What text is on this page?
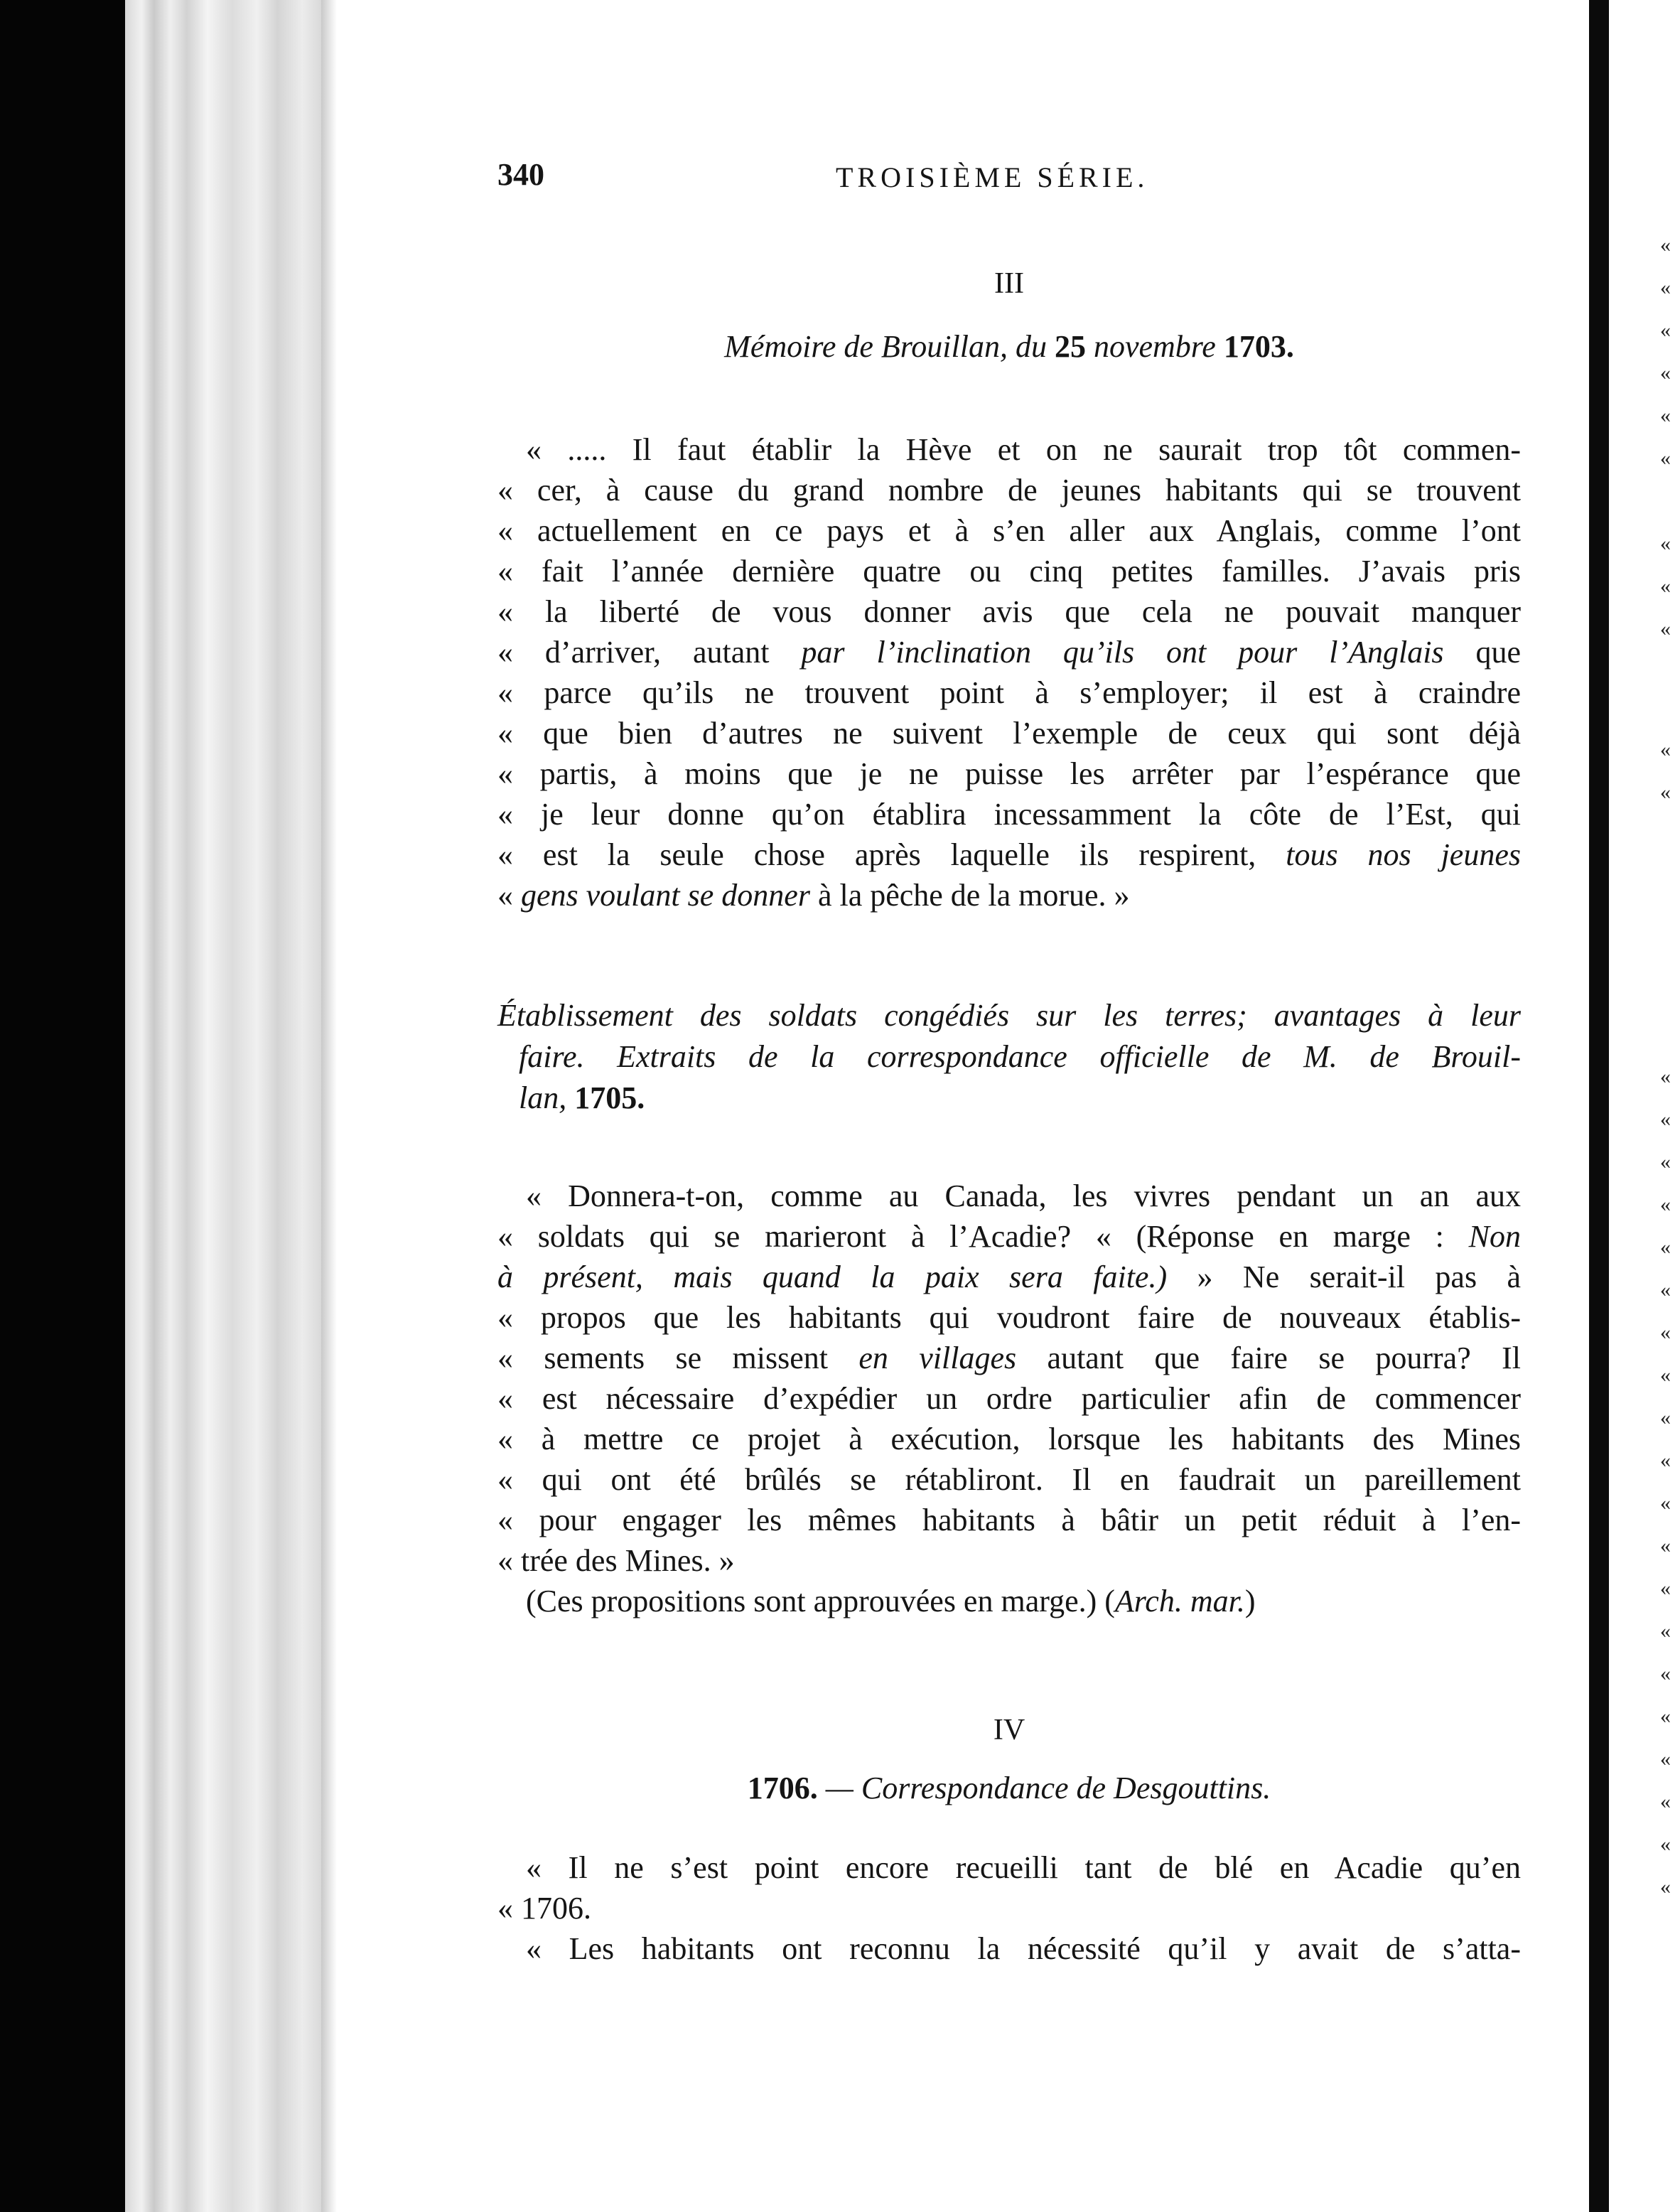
«
«
«
«
«
«
«
«
«
«
«
«
«
«
«
«
«
«
«
«
«
«
«
«
«
«
«
«
«
«
«
340	TROISIÈME SÉRIE.
III
Mémoire de Brouillan, du 25 novembre 1703.
« ..... Il faut établir la Hève et on ne saurait trop tôt commen-
« cer, à cause du grand nombre de jeunes habitants qui se trouvent
« actuellement en ce pays et à s’en aller aux Anglais, comme l’ont
« fait l’année dernière quatre ou cinq petites familles. J’avais pris
« la liberté de vous donner avis que cela ne pouvait manquer
« d’arriver, autant par l’inclination qu’ils ont pour l’Anglais que
« parce qu’ils ne trouvent point à s’employer; il est à craindre
« que bien d’autres ne suivent l’exemple de ceux qui sont déjà
« partis, à moins que je ne puisse les arrêter par l’espérance que
« je leur donne qu’on établira incessamment la côte de l’Est, qui
« est la seule chose après laquelle ils respirent, tous nos jeunes
« gens voulant se donner à la pêche de la morue. »
Établissement des soldats congédiés sur les terres; avantages à leur
faire. Extraits de la correspondance officielle de M. de Brouil-
lan, 1705.
« Donnera-t-on, comme au Canada, les vivres pendant un an aux
« soldats qui se marieront à l’Acadie? « (Réponse en marge : Non
à présent, mais quand la paix sera faite.) » Ne serait-il pas à
« propos que les habitants qui voudront faire de nouveaux établis-
« sements se missent en villages autant que faire se pourra? Il
« est nécessaire d’expédier un ordre particulier afin de commencer
« à mettre ce projet à exécution, lorsque les habitants des Mines
« qui ont été brûlés se rétabliront. Il en faudrait un pareillement
« pour engager les mêmes habitants à bâtir un petit réduit à l’en-
« trée des Mines. »
(Ces propositions sont approuvées en marge.) (Arch. mar.)
IV
1706. — Correspondance de Desgouttins.
« Il ne s’est point encore recueilli tant de blé en Acadie qu’en
« 1706.
« Les habitants ont reconnu la nécessité qu’il y avait de s’atta-
